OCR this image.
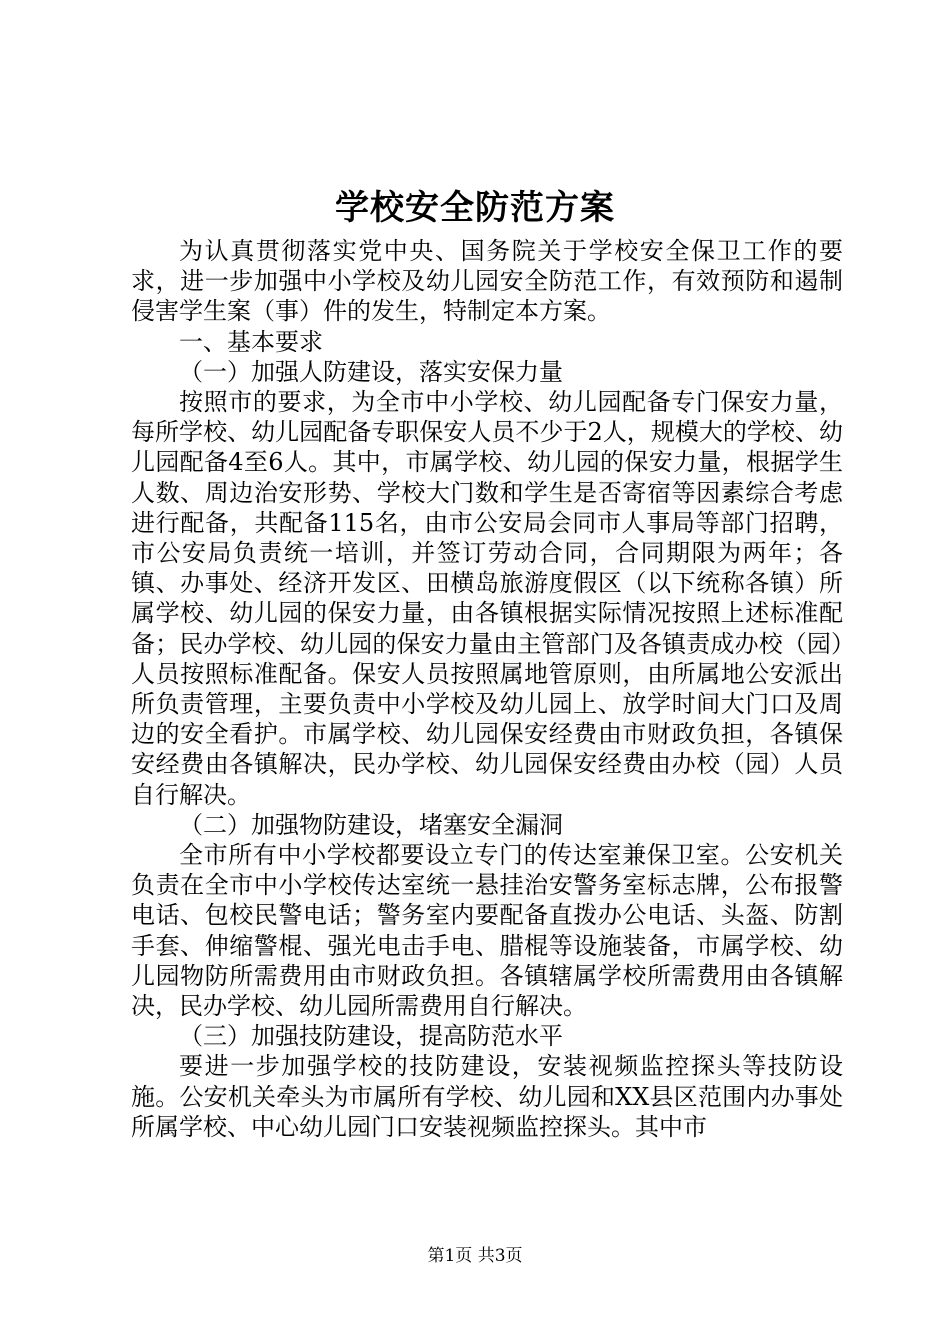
学校安全防范方案

为认真贯彻落实党中央、国务院关于学校安全保卫工作的要求，进一步加强中小学校及幼儿园安全防范工作，有效预防和遏制侵害学生案（事）件的发生，特制定本方案。

一、基本要求

（一）加强人防建设，落实安保力量

按照市的要求，为全市中小学校、幼儿园配备专门保安力量，每所学校、幼儿园配备专职保安人员不少于2人，规模大的学校、幼儿园配备4至6人。其中，市属学校、幼儿园的保安力量，根据学生人数、周边治安形势、学校大门数和学生是否寄宿等因素综合考虑进行配备，共配备115名，由市公安局会同市人事局等部门招聘，市公安局负责统一培训，并签订劳动合同，合同期限为两年；各镇、办事处、经济开发区、田横岛旅游度假区（以下统称各镇）所属学校、幼儿园的保安力量，由各镇根据实际情况按照上述标准配备；民办学校、幼儿园的保安力量由主管部门及各镇责成办校（园）人员按照标准配备。保安人员按照属地管原则，由所属地公安派出所负责管理，主要负责中小学校及幼儿园上、放学时间大门口及周边的安全看护。市属学校、幼儿园保安经费由市财政负担，各镇保安经费由各镇解决，民办学校、幼儿园保安经费由办校（园）人员自行解决。

（二）加强物防建设，堵塞安全漏洞

全市所有中小学校都要设立专门的传达室兼保卫室。公安机关负责在全市中小学校传达室统一悬挂治安警务室标志牌，公布报警电话、包校民警电话；警务室内要配备直拨办公电话、头盔、防割手套、伸缩警棍、强光电击手电、腊棍等设施装备，市属学校、幼儿园物防所需费用由市财政负担。各镇辖属学校所需费用由各镇解决，民办学校、幼儿园所需费用自行解决。

（三）加强技防建设，提高防范水平

要进一步加强学校的技防建设，安装视频监控探头等技防设施。公安机关牵头为市属所有学校、幼儿园和XX县区范围内办事处所属学校、中心幼儿园门口安装视频监控探头。其中市

第1页 共3页
